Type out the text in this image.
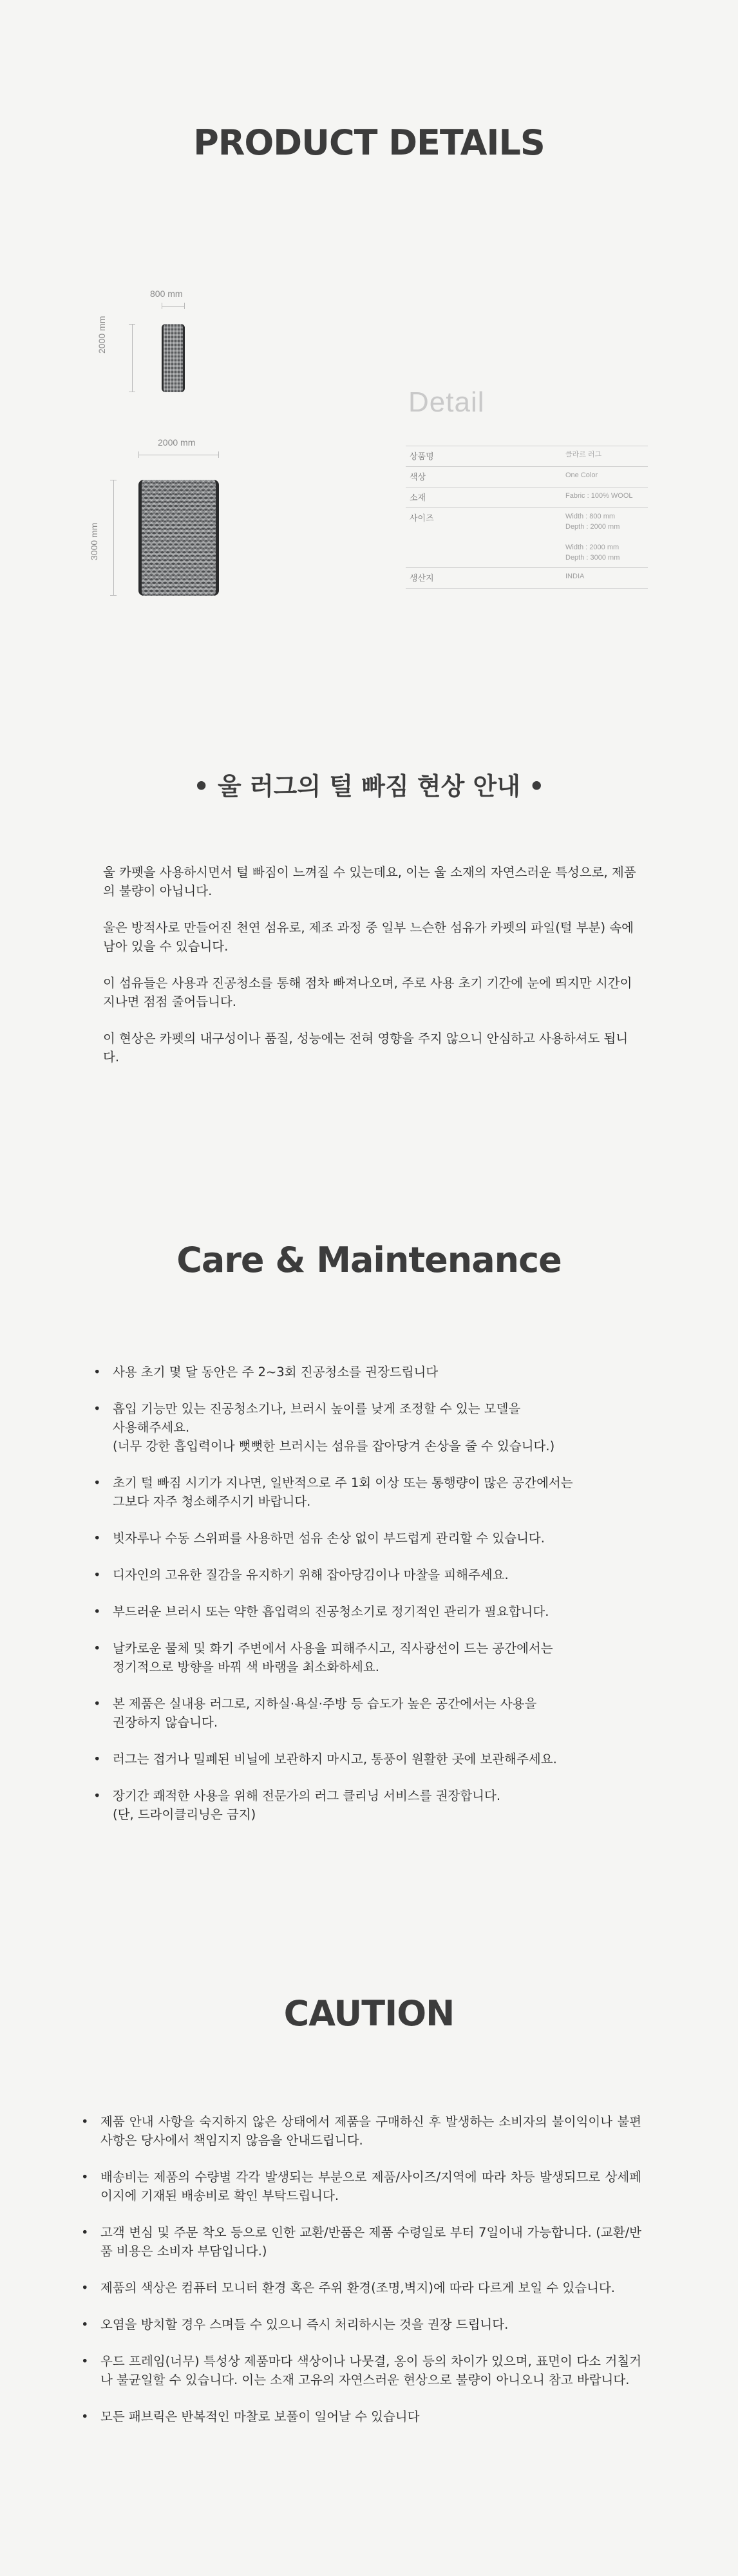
PRODUCT DETAILS
800 mm
2000 mm
2000 mm
3000 mm
Detail
상품명	클라르 러그
색상	One Color
소재	Fabric : 100% WOOL
사이즈	Width : 800 mm
Depth : 2000 mm

Width : 2000 mm
Depth : 3000 mm
생산지	INDIA
• 울 러그의 털 빠짐 현상 안내 •

울 카펫을 사용하시면서 털 빠짐이 느껴질 수 있는데요, 이는 울 소재의 자연스러운 특성으로, 제품의 불량이 아닙니다.

울은 방적사로 만들어진 천연 섬유로, 제조 과정 중 일부 느슨한 섬유가 카펫의 파일(털 부분) 속에 남아 있을 수 있습니다.

이 섬유들은 사용과 진공청소를 통해 점차 빠져나오며, 주로 사용 초기 기간에 눈에 띄지만 시간이 지나면 점점 줄어듭니다.

이 현상은 카펫의 내구성이나 품질, 성능에는 전혀 영향을 주지 않으니 안심하고 사용하셔도 됩니다.

Care & Maintenance
• 사용 초기 몇 달 동안은 주 2~3회 진공청소를 권장드립니다
• 흡입 기능만 있는 진공청소기나, 브러시 높이를 낮게 조정할 수 있는 모델을
사용해주세요.
(너무 강한 흡입력이나 뻣뻣한 브러시는 섬유를 잡아당겨 손상을 줄 수 있습니다.)
• 초기 털 빠짐 시기가 지나면, 일반적으로 주 1회 이상 또는 통행량이 많은 공간에서는
그보다 자주 청소해주시기 바랍니다.
• 빗자루나 수동 스위퍼를 사용하면 섬유 손상 없이 부드럽게 관리할 수 있습니다.
• 디자인의 고유한 질감을 유지하기 위해 잡아당김이나 마찰을 피해주세요.
• 부드러운 브러시 또는 약한 흡입력의 진공청소기로 정기적인 관리가 필요합니다.
• 날카로운 물체 및 화기 주변에서 사용을 피해주시고, 직사광선이 드는 공간에서는
정기적으로 방향을 바꿔 색 바램을 최소화하세요.
• 본 제품은 실내용 러그로, 지하실·욕실·주방 등 습도가 높은 공간에서는 사용을
권장하지 않습니다.
• 러그는 접거나 밀폐된 비닐에 보관하지 마시고, 통풍이 원활한 곳에 보관해주세요.
• 장기간 쾌적한 사용을 위해 전문가의 러그 클리닝 서비스를 권장합니다.
(단, 드라이클리닝은 금지)
CAUTION
• 제품 안내 사항을 숙지하지 않은 상태에서 제품을 구매하신 후 발생하는 소비자의 불이익이나 불편사항은 당사에서 책임지지 않음을 안내드립니다.
• 배송비는 제품의 수량별 각각 발생되는 부분으로 제품/사이즈/지역에 따라 차등 발생되므로 상세페이지에 기재된 배송비로 확인 부탁드립니다.
• 고객 변심 및 주문 착오 등으로 인한 교환/반품은 제품 수령일로 부터 7일이내 가능합니다. (교환/반품 비용은 소비자 부담입니다.)
• 제품의 색상은 컴퓨터 모니터 환경 혹은 주위 환경(조명,벽지)에 따라 다르게 보일 수 있습니다.
• 오염을 방치할 경우 스며들 수 있으니 즉시 처리하시는 것을 권장 드립니다.
• 우드 프레임(너무) 특성상 제품마다 색상이나 나뭇결, 옹이 등의 차이가 있으며, 표면이 다소 거칠거나 불균일할 수 있습니다. 이는 소재 고유의 자연스러운 현상으로 불량이 아니오니 참고 바랍니다.
• 모든 패브릭은 반복적인 마찰로 보풀이 일어날 수 있습니다
